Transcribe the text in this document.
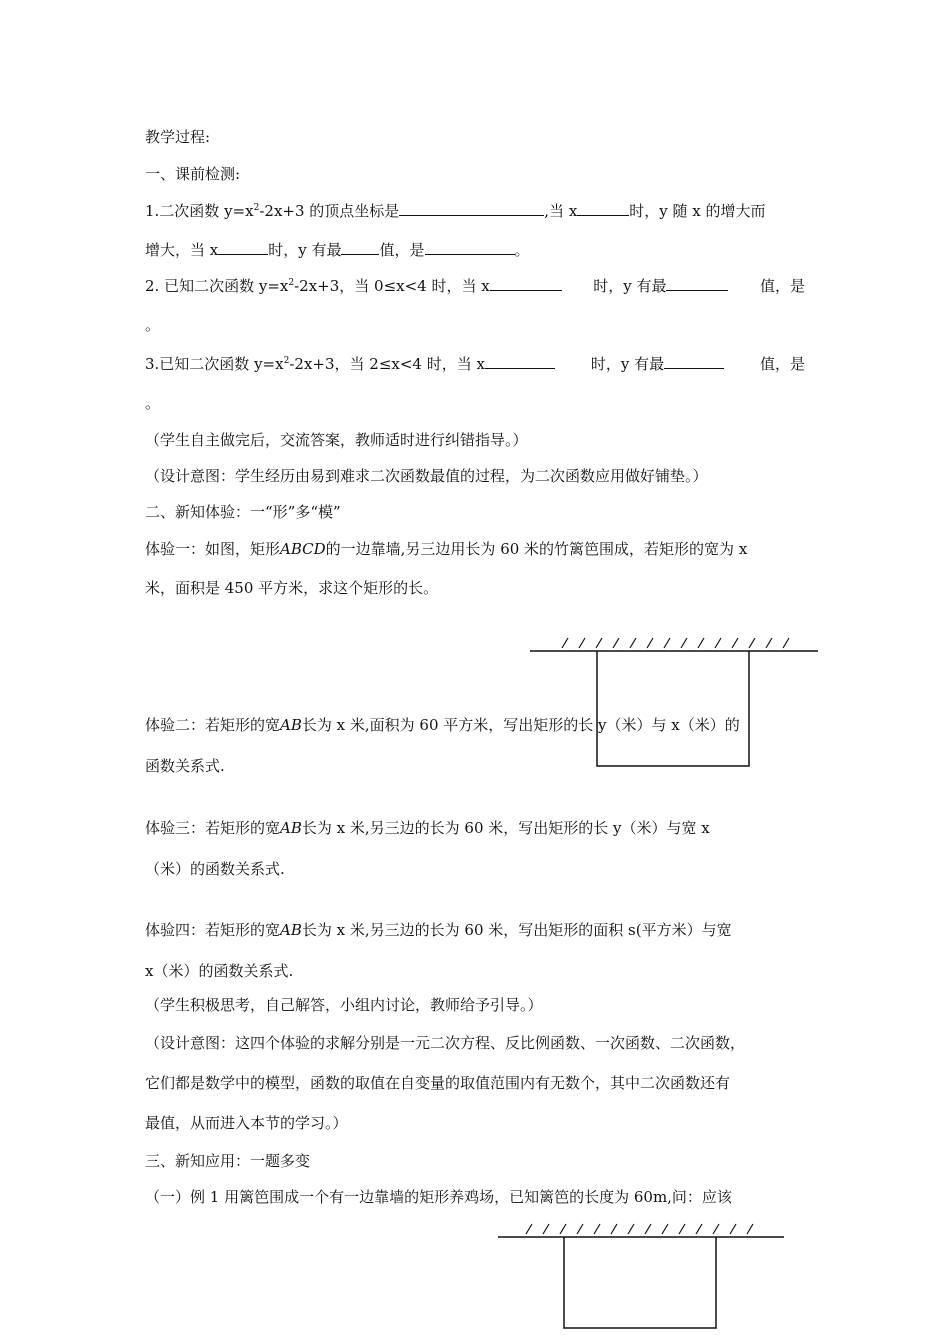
教学过程:
一、课前检测:
1.二次函数 $y=x^2-2x+3$ 的顶点坐标是	,当 x	时，y 随 x 的增大而
增大，当 x	时，y 有最	值，是	。
2. 已知二次函数 $y=x^2-2x+3$，当 0≤x<4 时，当 x	时，y 有最	值，是
。
3.已知二次函数 $y=x^2-2x+3$，当 2≤x<4 时，当 x	时，y 有最	值，是
。
（学生自主做完后，交流答案，教师适时进行纠错指导。）
（设计意图：学生经历由易到难求二次函数最值的过程，为二次函数应用做好铺垫。）
二、新知体验：一“形”多“模”
体验一：如图，矩形ABCD的一边靠墙,另三边用长为 60 米的竹篱笆围成，若矩形的宽为 x
米，面积是 450 平方米，求这个矩形的长。
体验二：若矩形的宽AB长为 x 米,面积为 60 平方米，写出矩形的长 y（米）与 x（米）的
函数关系式.
体验三：若矩形的宽AB长为 x 米,另三边的长为 60 米，写出矩形的长 y（米）与宽 x
（米）的函数关系式.
体验四：若矩形的宽AB长为 x 米,另三边的长为 60 米，写出矩形的面积 s(平方米）与宽
x（米）的函数关系式.
（学生积极思考，自己解答，小组内讨论，教师给予引导。）
（设计意图：这四个体验的求解分别是一元二次方程、反比例函数、一次函数、二次函数，
它们都是数学中的模型，函数的取值在自变量的取值范围内有无数个，其中二次函数还有
最值，从而进入本节的学习。）
三、新知应用：一题多变
（一）例 1 用篱笆围成一个有一边靠墙的矩形养鸡场，已知篱笆的长度为 60m,问：应该
